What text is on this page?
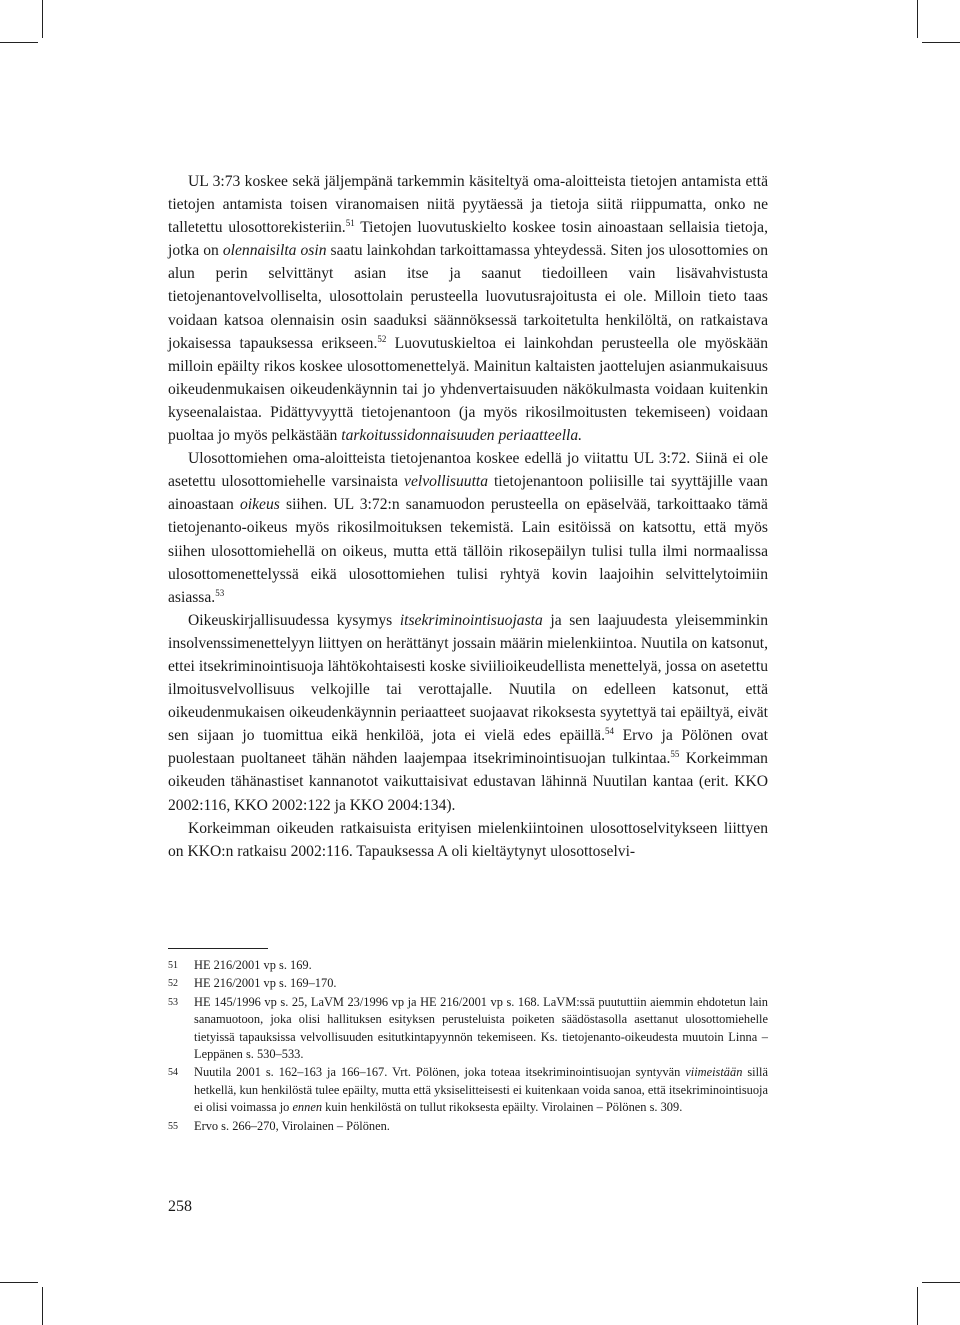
UL 3:73 koskee sekä jäljempänä tarkemmin käsiteltyä oma-aloitteista tietojen antamista että tietojen antamista toisen viranomaisen niitä pyytäessä ja tietoja siitä riippumatta, onko ne talletettu ulosottorekisteriin.$^{51}$ Tietojen luovutuskielto koskee tosin ainoastaan sellaisia tietoja, jotka on olennaisilta osin saatu lainkohdan tarkoittamassa yhteydessä. Siten jos ulosottomies on alun perin selvittänyt asian itse ja saanut tiedoilleen vain lisävahvistusta tietojenantovelvolliselta, ulosottolain perusteella luovutusrajoitusta ei ole. Milloin tieto taas voidaan katsoa olennaisin osin saaduksi säännöksessä tarkoitetulta henkilöltä, on ratkaistava jokaisessa tapauksessa erikseen.$^{52}$ Luovutuskieltoa ei lainkohdan perusteella ole myöskään milloin epäilty rikos koskee ulosottomenettelyä. Mainitun kaltaisten jaottelujen asianmukaisuus oikeudenmukaisen oikeudenkäynnin tai jo yhdenvertaisuuden näkökulmasta voidaan kuitenkin kyseenalaistaa. Pidättyvyyttä tietojenantoon (ja myös rikosilmoitusten tekemiseen) voidaan puoltaa jo myös pelkästään tarkoitussidonnaisuuden periaatteella.

Ulosottomiehen oma-aloitteista tietojenantoa koskee edellä jo viitattu UL 3:72. Siinä ei ole asetettu ulosottomiehelle varsinaista velvollisuutta tietojenantoon poliisille tai syyttäjille vaan ainoastaan oikeus siihen. UL 3:72:n sanamuodon perusteella on epäselvää, tarkoittaako tämä tietojenanto-oikeus myös rikosilmoituksen tekemistä. Lain esitöissä on katsottu, että myös siihen ulosottomiehellä on oikeus, mutta että tällöin rikosepäilyn tulisi tulla ilmi normaalissa ulosottomenettelyssä eikä ulosottomiehen tulisi ryhtyä kovin laajoihin selvittelytoimiin asiassa.$^{53}$

Oikeuskirjallisuudessa kysymys itsekriminointisuojasta ja sen laajuudesta yleisemminkin insolvenssimenettelyyn liittyen on herättänyt jossain määrin mielenkiintoa. Nuutila on katsonut, ettei itsekriminointisuoja lähtökohtaisesti koske siviilioikeudellista menettelyä, jossa on asetettu ilmoitusvelvollisuus velkojille tai verottajalle. Nuutila on edelleen katsonut, että oikeudenmukaisen oikeudenkäynnin periaatteet suojaavat rikoksesta syytettyä tai epäiltyä, eivät sen sijaan jo tuomittua eikä henkilöä, jota ei vielä edes epäillä.$^{54}$ Ervo ja Pölönen ovat puolestaan puoltaneet tähän nähden laajempaa itsekriminointisuojan tulkintaa.$^{55}$ Korkeimman oikeuden tähänastiset kannanotot vaikuttaisivat edustavan lähinnä Nuutilan kantaa (erit. KKO 2002:116, KKO 2002:122 ja KKO 2004:134).

Korkeimman oikeuden ratkaisuista erityisen mielenkiintoinen ulosottoselvitykseen liittyen on KKO:n ratkaisu 2002:116. Tapauksessa A oli kieltäytynyt ulosottoselvi-

51	HE 216/2001 vp s. 169.
52	HE 216/2001 vp s. 169–170.
53	HE 145/1996 vp s. 25, LaVM 23/1996 vp ja HE 216/2001 vp s. 168. LaVM:ssä puututtiin aiemmin ehdotetun lain sanamuotoon, joka olisi hallituksen esityksen perusteluista poiketen säädöstasolla asettanut ulosottomiehelle tietyissä tapauksissa velvollisuuden esitutkintapyynnön tekemiseen. Ks. tietojenanto-oikeudesta muutoin Linna – Leppänen s. 530–533.
54	Nuutila 2001 s. 162–163 ja 166–167. Vrt. Pölönen, joka toteaa itsekriminointisuojan syntyvän viimeistään sillä hetkellä, kun henkilöstä tulee epäilty, mutta että yksiselitteisesti ei kuitenkaan voida sanoa, että itsekriminointisuoja ei olisi voimassa jo ennen kuin henkilöstä on tullut rikoksesta epäilty. Virolainen – Pölönen s. 309.
55	Ervo s. 266–270, Virolainen – Pölönen.
258
